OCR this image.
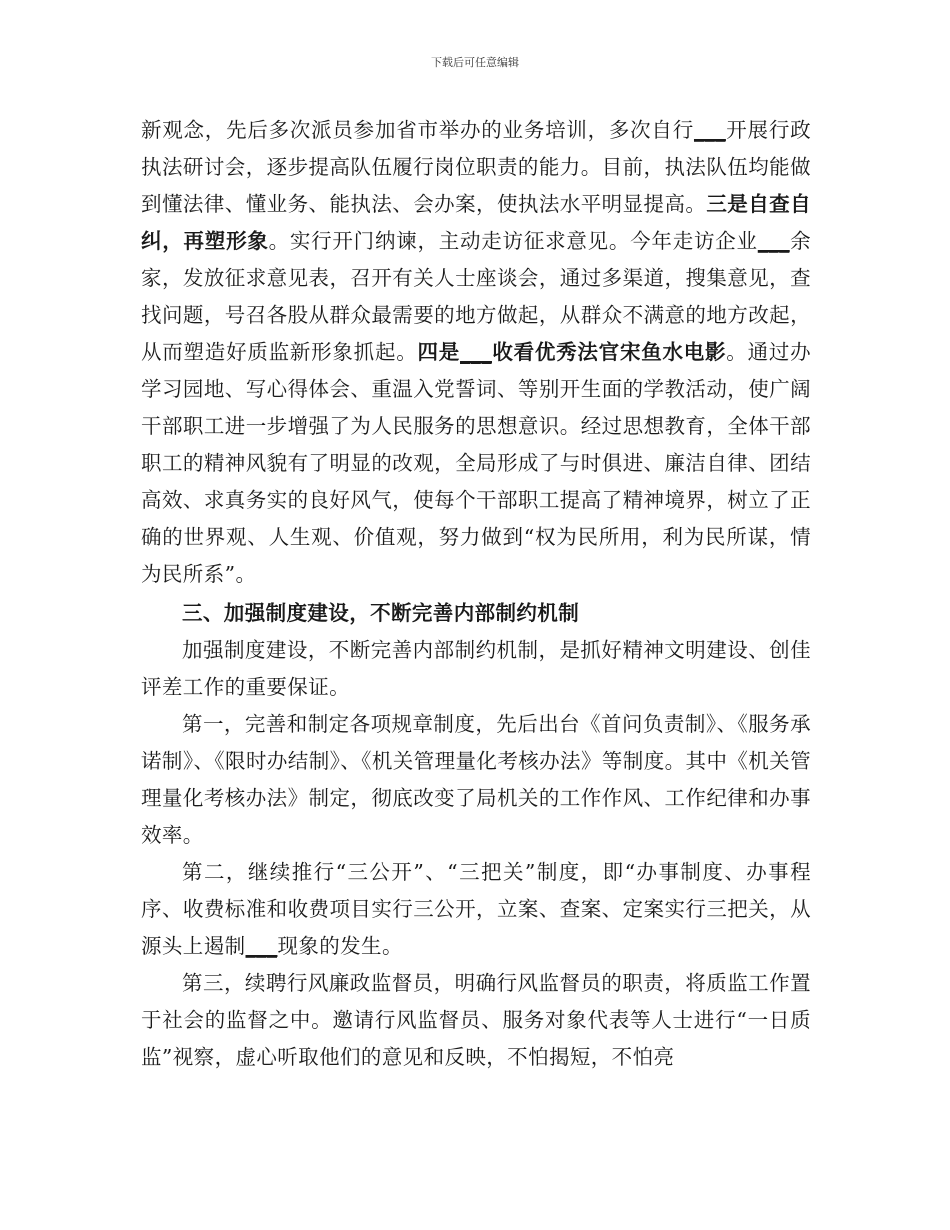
下载后可任意编辑

新观念，先后多次派员参加省市举办的业务培训，多次自行___开展行政执法研讨会，逐步提高队伍履行岗位职责的能力。目前，执法队伍均能做到懂法律、懂业务、能执法、会办案，使执法水平明显提高。三是自查自纠，再塑形象。实行开门纳谏，主动走访征求意见。今年走访企业___余家，发放征求意见表，召开有关人士座谈会，通过多渠道，搜集意见，查找问题，号召各股从群众最需要的地方做起，从群众不满意的地方改起，从而塑造好质监新形象抓起。四是___收看优秀法官宋鱼水电影。通过办学习园地、写心得体会、重温入党誓词、等别开生面的学教活动，使广阔干部职工进一步增强了为人民服务的思想意识。经过思想教育，全体干部职工的精神风貌有了明显的改观，全局形成了与时俱进、廉洁自律、团结高效、求真务实的良好风气，使每个干部职工提高了精神境界，树立了正确的世界观、人生观、价值观，努力做到“权为民所用，利为民所谋，情为民所系”。

三、加强制度建设，不断完善内部制约机制

加强制度建设，不断完善内部制约机制，是抓好精神文明建设、创佳评差工作的重要保证。

第一，完善和制定各项规章制度，先后出台《首问负责制》、《服务承诺制》、《限时办结制》、《机关管理量化考核办法》等制度。其中《机关管理量化考核办法》制定，彻底改变了局机关的工作作风、工作纪律和办事效率。

第二，继续推行“三公开”、“三把关”制度，即“办事制度、办事程序、收费标准和收费项目实行三公开，立案、查案、定案实行三把关，从源头上遏制___现象的发生。

第三，续聘行风廉政监督员，明确行风监督员的职责，将质监工作置于社会的监督之中。邀请行风监督员、服务对象代表等人士进行“一日质监”视察，虚心听取他们的意见和反映，不怕揭短，不怕亮
